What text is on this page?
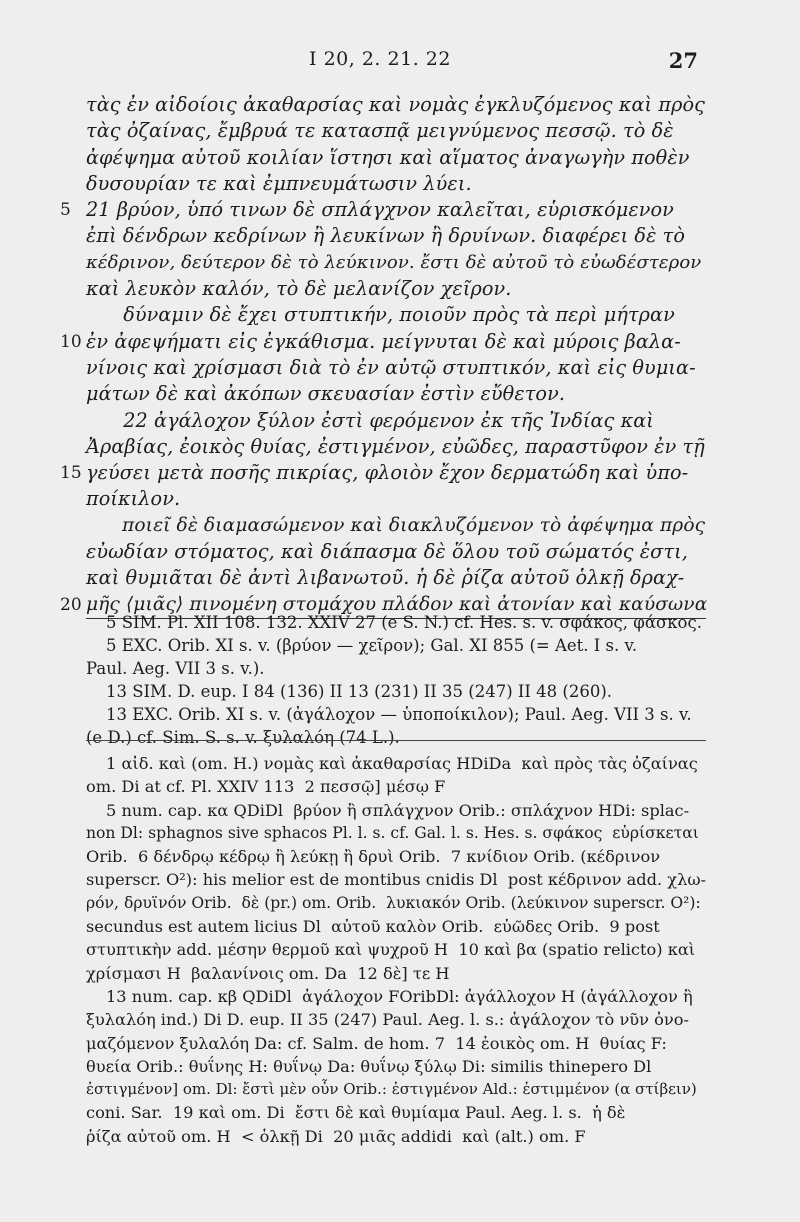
I 20, 2. 21. 22	27
τὰς ἐν αἰδοίοις ἀκαθαρσίας καὶ νομὰς ἐγκλυζόμενος καὶ πρὸς
τὰς ὀζαίνας, ἔμβρυά τε κατασπᾷ μειγνύμενος πεσσῷ. τὸ δὲ
ἀφέψημα αὐτοῦ κοιλίαν ἵστησι καὶ αἵματος ἀναγωγὴν ποθὲν
δυσουρίαν τε καὶ ἐμπνευμάτωσιν λύει.
5 21 βρύον, ὑπό τινων δὲ σπλάγχνον καλεῖται, εὑρισκόμενον
ἐπὶ δένδρων κεδρίνων ἢ λευκίνων ἢ δρυίνων. διαφέρει δὲ τὸ
κέδρινον, δεύτερον δὲ τὸ λεύκινον. ἔστι δὲ αὐτοῦ τὸ εὐωδέστερον
καὶ λευκὸν καλόν, τὸ δὲ μελανίζον χεῖρον.
δύναμιν δὲ ἔχει στυπτικήν, ποιοῦν πρὸς τὰ περὶ μήτραν
10 ἐν ἀφεψήματι εἰς ἐγκάθισμα. μείγνυται δὲ καὶ μύροις βαλα-
νίνοις καὶ χρίσμασι διὰ τὸ ἐν αὐτῷ στυπτικόν, καὶ εἰς θυμια-
μάτων δὲ καὶ ἀκόπων σκευασίαν ἐστὶν εὔθετον.
22 ἀγάλοχον ξύλον ἐστὶ φερόμενον ἐκ τῆς Ἰνδίας καὶ
Ἀραβίας, ἐοικὸς θυίας, ἐστιγμένον, εὐῶδες, παραστῦφον ἐν τῇ
15 γεύσει μετὰ ποσῆς πικρίας, φλοιὸν ἔχον δερματώδη καὶ ὑπο-
ποίκιλον.
ποιεῖ δὲ διαμασώμενον καὶ διακλυζόμενον τὸ ἀφέψημα πρὸς
εὐωδίαν στόματος, καὶ διάπασμα δὲ ὅλου τοῦ σώματός ἐστι,
καὶ θυμιᾶται δὲ ἀντὶ λιβανωτοῦ. ἡ δὲ ῥίζα αὐτοῦ ὁλκῇ δραχ-
20 μῆς ⟨μιᾶς⟩ πινομένη στομάχου πλάδον καὶ ἀτονίαν καὶ καύσωνα
5 SIM. Pl. XII 108. 132. XXIV 27 (e S. N.) cf. Hes. s. v. σφάκος, φάσκος.
5 EXC. Orib. XI s. v. (βρύον — χεῖρον); Gal. XI 855 (= Aet. I s. v.
Paul. Aeg. VII 3 s. v.).
13 SIM. D. eup. I 84 (136) II 13 (231) II 35 (247) II 48 (260).
13 EXC. Orib. XI s. v. (ἀγάλοχον — ὑποποίκιλον); Paul. Aeg. VII 3 s. v.
(e D.) cf. Sim. S. s. v. ξυλαλόη (74 L.).
1 αἰδ. καὶ (om. H.) νομὰς καὶ ἀκαθαρσίας HDiDa  καὶ πρὸς τὰς ὀζαίνας
om. Di at cf. Pl. XXIV 113  2 πεσσῷ] μέσῳ F
5 num. cap. κα QDiDl  βρύον ἢ σπλάγχνον Orib.: σπλάχνον HDi: splac-
non Dl: sphagnos sive sphacos Pl. l. s. cf. Gal. l. s. Hes. s. σφάκος  εὑρίσκεται
Orib.  6 δένδρῳ κέδρῳ ἢ λεύκῃ ἢ δρυὶ Orib.  7 κνίδιον Orib. (κέδρινον
superscr. O²): his melior est de montibus cnidis Dl  post κέδρινον add. χλω-
ρόν, δρυϊνόν Orib.  δὲ (pr.) om. Orib.  λυκιακόν Orib. (λεύκινον superscr. O²):
secundus est autem licius Dl  αὐτοῦ καλὸν Orib.  εὐῶδες Orib.  9 post
στυπτικὴν add. μέσην θερμοῦ καὶ ψυχροῦ H  10 καὶ βα (spatio relicto) καὶ
χρίσμασι H  βαλανίνοις om. Da  12 δὲ] τε H
13 num. cap. κβ QDiDl  ἀγάλοχον FOribDl: ἀγάλλοχον H (ἀγάλλοχον ἢ
ξυλαλόη ind.) Di D. eup. II 35 (247) Paul. Aeg. l. s.: ἀγάλοχον τὸ νῦν ὀνο-
μαζόμενον ξυλαλόη Da: cf. Salm. de hom. 7  14 ἐοικὸς om. H  θυίας F:
θυεία Orib.: θυΐνης H: θυΐνῳ Da: θυΐνῳ ξύλῳ Di: similis thinepero Dl
ἐστιγμένον] om. Dl: ἔστὶ μὲν οὖν Orib.: ἐστιγμένον Ald.: ἐστιμμένον (α στίβειν)
coni. Sar.  19 καὶ om. Di  ἔστι δὲ καὶ θυμίαμα Paul. Aeg. l. s.  ἡ δὲ
ῥίζα αὐτοῦ om. H  < ὁλκῇ Di  20 μιᾶς addidi  καὶ (alt.) om. F
